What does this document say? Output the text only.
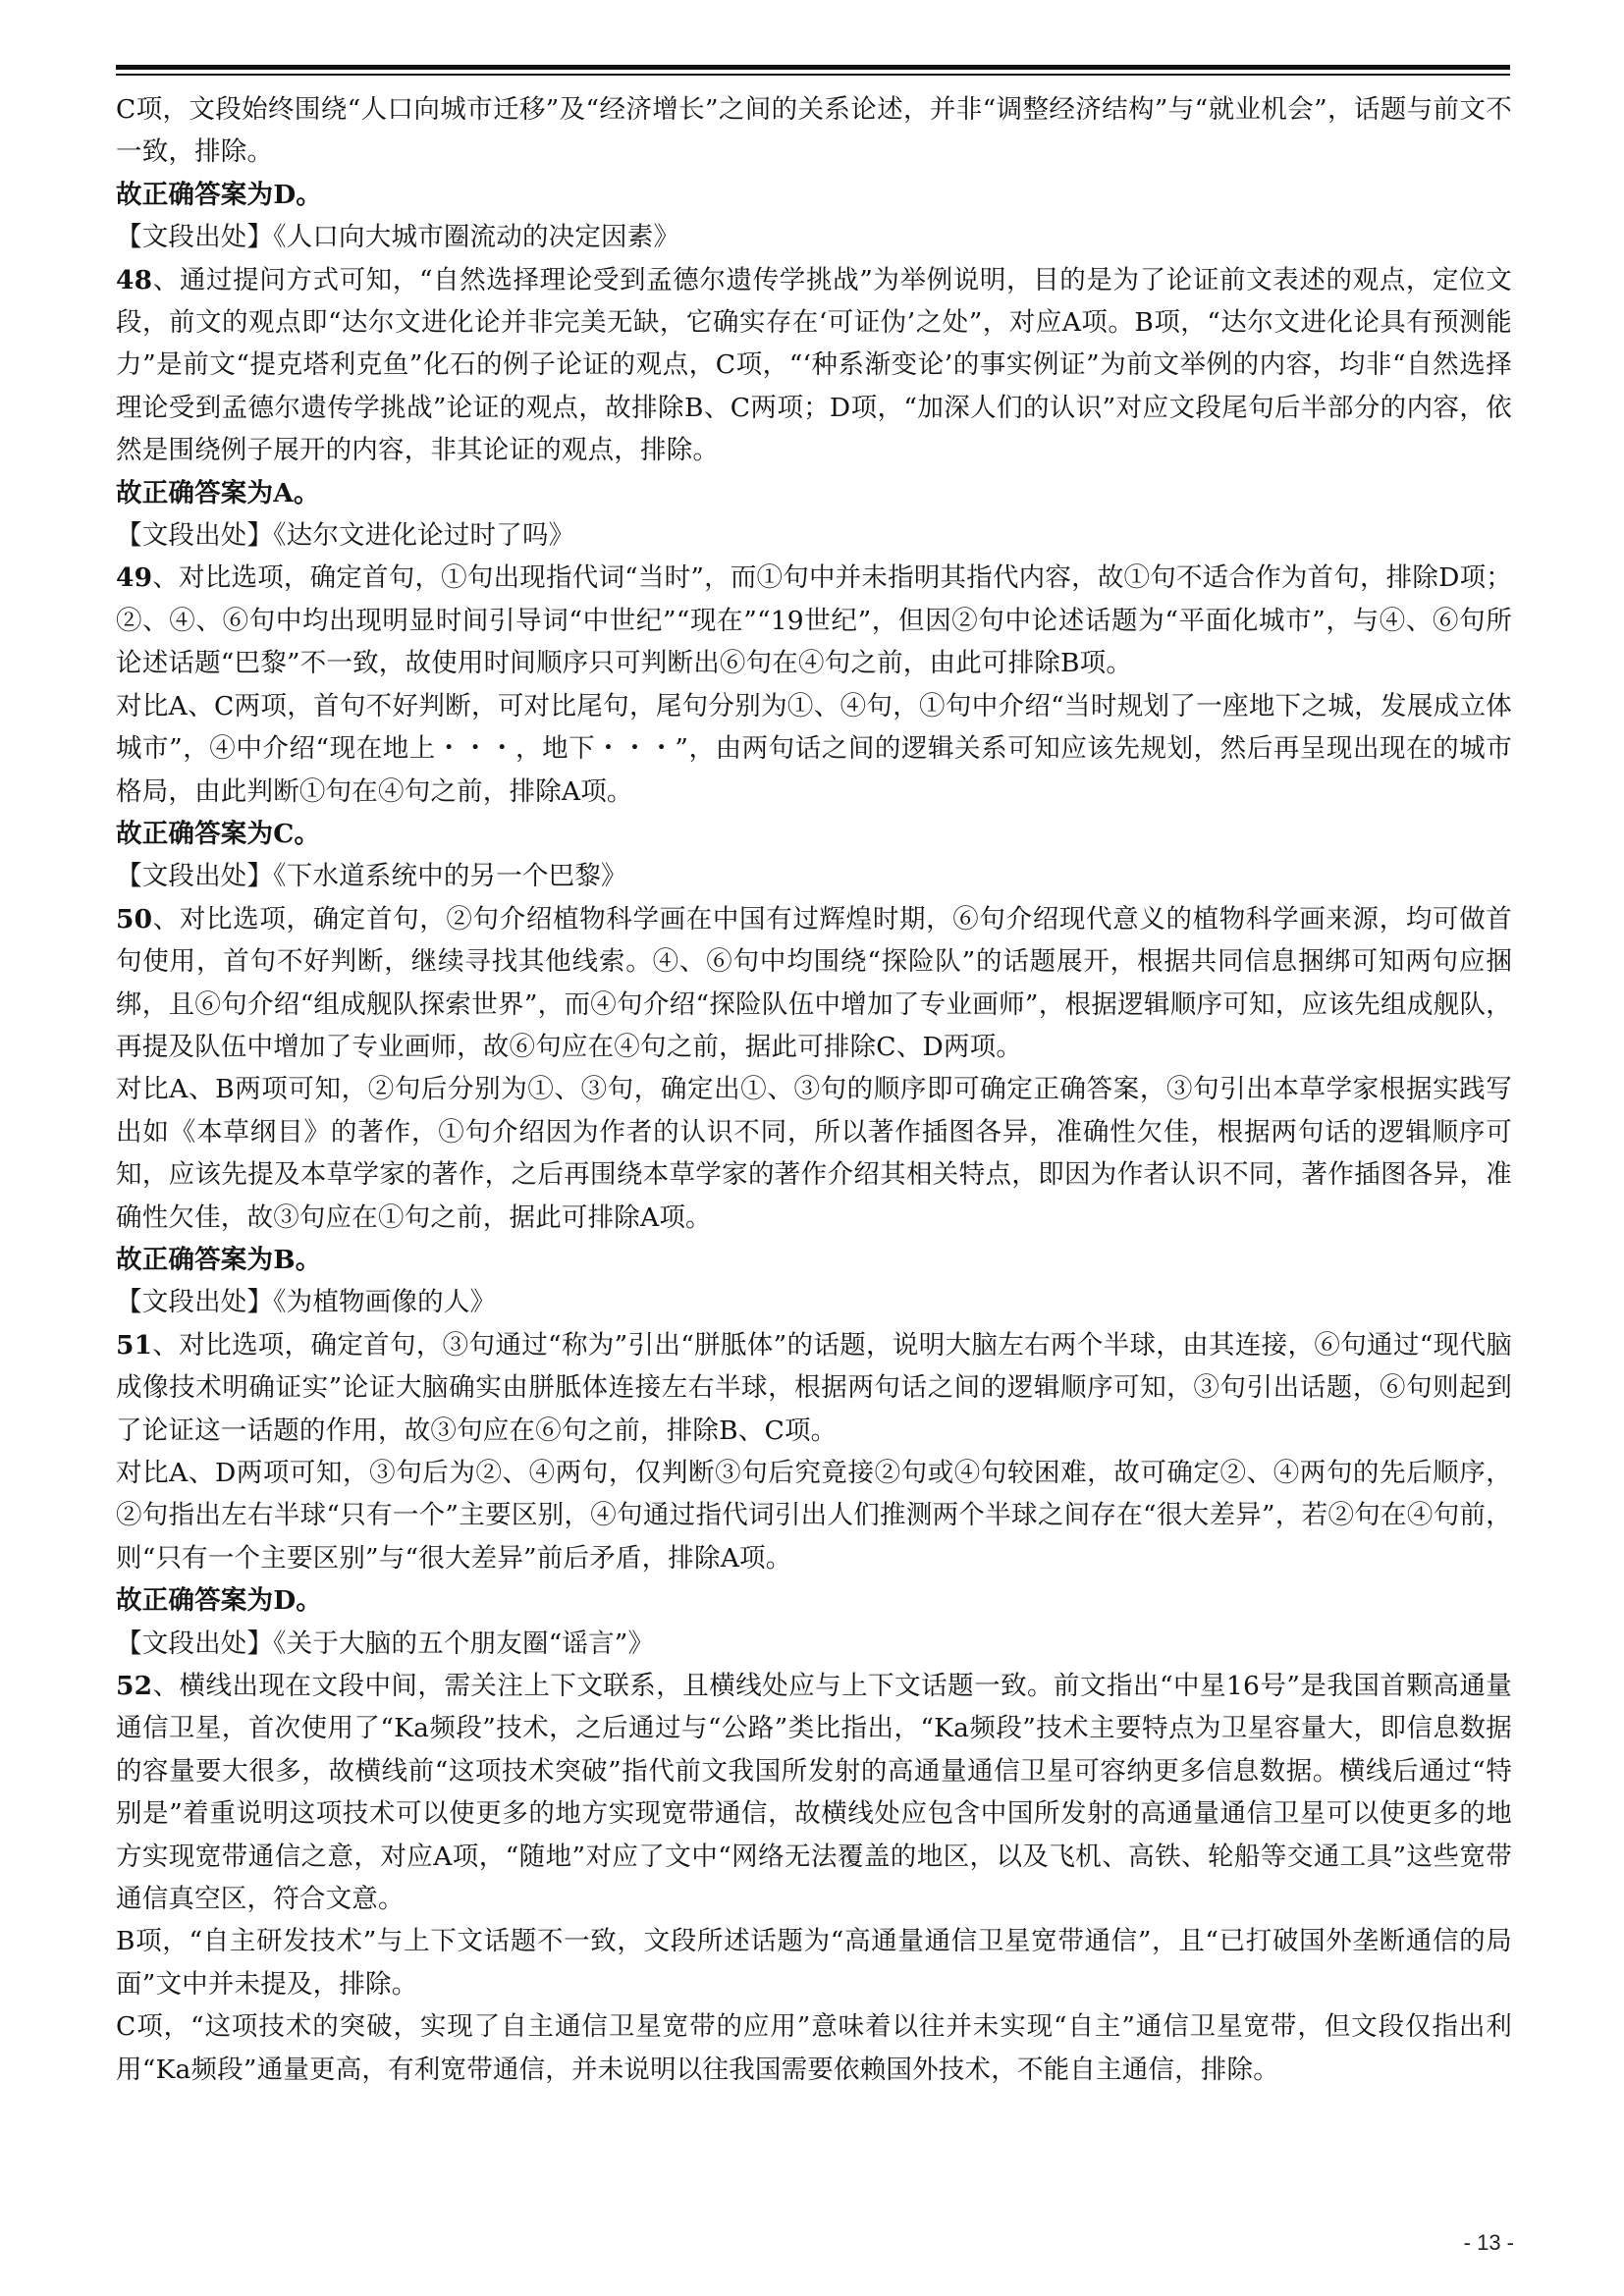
C项，文段始终围绕“人口向城市迁移”及“经济增长”之间的关系论述，并非“调整经济结构”与“就业机会”，话题与前文不一致，排除。

故正确答案为D。

【文段出处】《人口向大城市圈流动的决定因素》

48、通过提问方式可知，“自然选择理论受到孟德尔遗传学挑战”为举例说明，目的是为了论证前文表述的观点，定位文段，前文的观点即“达尔文进化论并非完美无缺，它确实存在‘可证伪’之处”，对应A项。B项，“达尔文进化论具有预测能力”是前文“提克塔利克鱼”化石的例子论证的观点，C项，“‘种系渐变论’的事实例证”为前文举例的内容，均非“自然选择理论受到孟德尔遗传学挑战”论证的观点，故排除B、C两项；D项，“加深人们的认识”对应文段尾句后半部分的内容，依然是围绕例子展开的内容，非其论证的观点，排除。

故正确答案为A。

【文段出处】《达尔文进化论过时了吗》

49、对比选项，确定首句，①句出现指代词“当时”，而①句中并未指明其指代内容，故①句不适合作为首句，排除D项；②、④、⑥句中均出现明显时间引导词“中世纪”“现在”“19世纪”，但因②句中论述话题为“平面化城市”，与④、⑥句所论述话题“巴黎”不一致，故使用时间顺序只可判断出⑥句在④句之前，由此可排除B项。

对比A、C两项，首句不好判断，可对比尾句，尾句分别为①、④句，①句中介绍“当时规划了一座地下之城，发展成立体城市”，④中介绍“现在地上・・・，地下・・・”，由两句话之间的逻辑关系可知应该先规划，然后再呈现出现在的城市格局，由此判断①句在④句之前，排除A项。

故正确答案为C。

【文段出处】《下水道系统中的另一个巴黎》

50、对比选项，确定首句，②句介绍植物科学画在中国有过辉煌时期，⑥句介绍现代意义的植物科学画来源，均可做首句使用，首句不好判断，继续寻找其他线索。④、⑥句中均围绕“探险队”的话题展开，根据共同信息捆绑可知两句应捆绑，且⑥句介绍“组成舰队探索世界”，而④句介绍“探险队伍中增加了专业画师”，根据逻辑顺序可知，应该先组成舰队，再提及队伍中增加了专业画师，故⑥句应在④句之前，据此可排除C、D两项。

对比A、B两项可知，②句后分别为①、③句，确定出①、③句的顺序即可确定正确答案，③句引出本草学家根据实践写出如《本草纲目》的著作，①句介绍因为作者的认识不同，所以著作插图各异，准确性欠佳，根据两句话的逻辑顺序可知，应该先提及本草学家的著作，之后再围绕本草学家的著作介绍其相关特点，即因为作者认识不同，著作插图各异，准确性欠佳，故③句应在①句之前，据此可排除A项。

故正确答案为B。

【文段出处】《为植物画像的人》

51、对比选项，确定首句，③句通过“称为”引出“胼胝体”的话题，说明大脑左右两个半球，由其连接，⑥句通过“现代脑成像技术明确证实”论证大脑确实由胼胝体连接左右半球，根据两句话之间的逻辑顺序可知，③句引出话题，⑥句则起到了论证这一话题的作用，故③句应在⑥句之前，排除B、C项。

对比A、D两项可知，③句后为②、④两句，仅判断③句后究竟接②句或④句较困难，故可确定②、④两句的先后顺序，②句指出左右半球“只有一个”主要区别，④句通过指代词引出人们推测两个半球之间存在“很大差异”，若②句在④句前，则“只有一个主要区别”与“很大差异”前后矛盾，排除A项。

故正确答案为D。

【文段出处】《关于大脑的五个朋友圈“谣言”》

52、横线出现在文段中间，需关注上下文联系，且横线处应与上下文话题一致。前文指出“中星16号”是我国首颗高通量通信卫星，首次使用了“Ka频段”技术，之后通过与“公路”类比指出，“Ka频段”技术主要特点为卫星容量大，即信息数据的容量要大很多，故横线前“这项技术突破”指代前文我国所发射的高通量通信卫星可容纳更多信息数据。横线后通过“特别是”着重说明这项技术可以使更多的地方实现宽带通信，故横线处应包含中国所发射的高通量通信卫星可以使更多的地方实现宽带通信之意，对应A项，“随地”对应了文中“网络无法覆盖的地区，以及飞机、高铁、轮船等交通工具”这些宽带通信真空区，符合文意。

B项，“自主研发技术”与上下文话题不一致，文段所述话题为“高通量通信卫星宽带通信”，且“已打破国外垄断通信的局面”文中并未提及，排除。

C项，“这项技术的突破，实现了自主通信卫星宽带的应用”意味着以往并未实现“自主”通信卫星宽带，但文段仅指出利用“Ka频段”通量更高，有利宽带通信，并未说明以往我国需要依赖国外技术，不能自主通信，排除。

- 13 -
